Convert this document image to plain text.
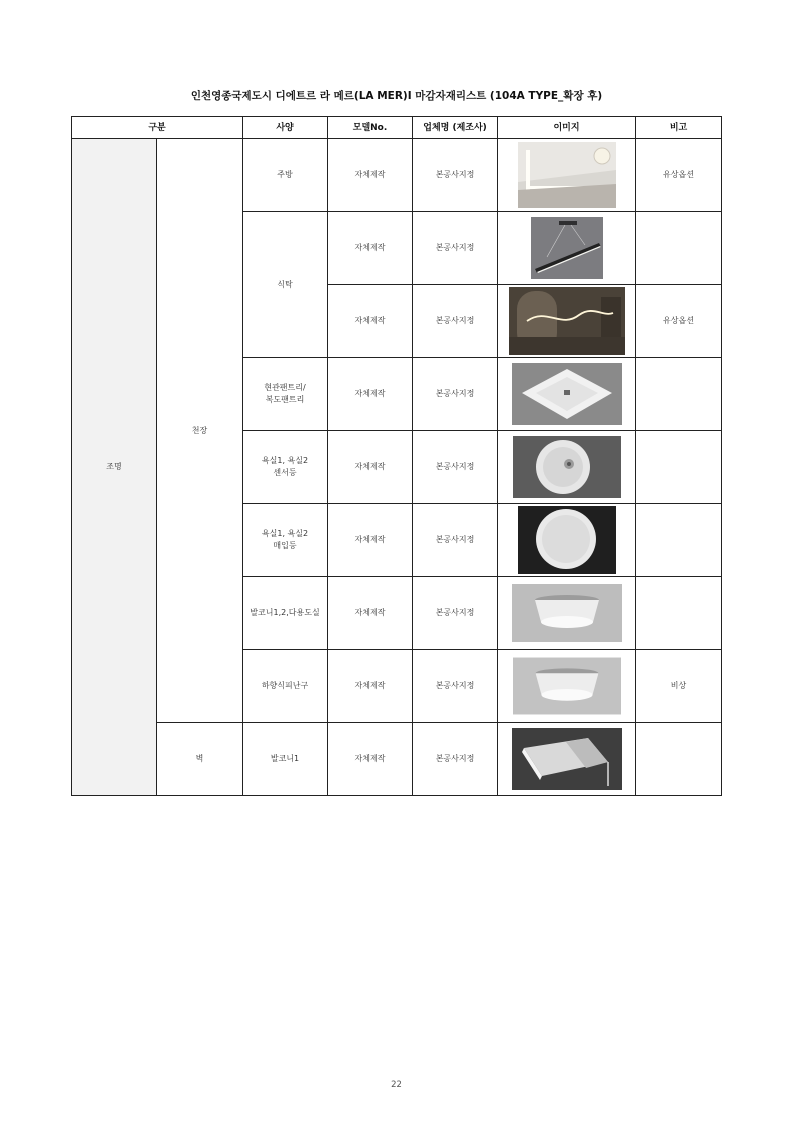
인천영종국제도시 디에트르 라 메르(LA MER)Ⅰ 마감자재리스트 (104A TYPE_확장 후)
구분		사양	모델No.	업체명 (제조사)	이미지	비고
조명	천장	주방	자체제작	본공사지정		유상옵션
		식탁	자체제작	본공사지정	

			자체제작	본공사지정		유상옵션
		현관팬트리/
복도팬트리	자체제작	본공사지정	

		욕실1, 욕실2
센서등	자체제작	본공사지정	

		욕실1, 욕실2
매입등	자체제작	본공사지정	

		발코니1,2,다용도실	자체제작	본공사지정	

		하향식피난구	자체제작	본공사지정		비상
	벽	발코니1	자체제작	본공사지정	

22
